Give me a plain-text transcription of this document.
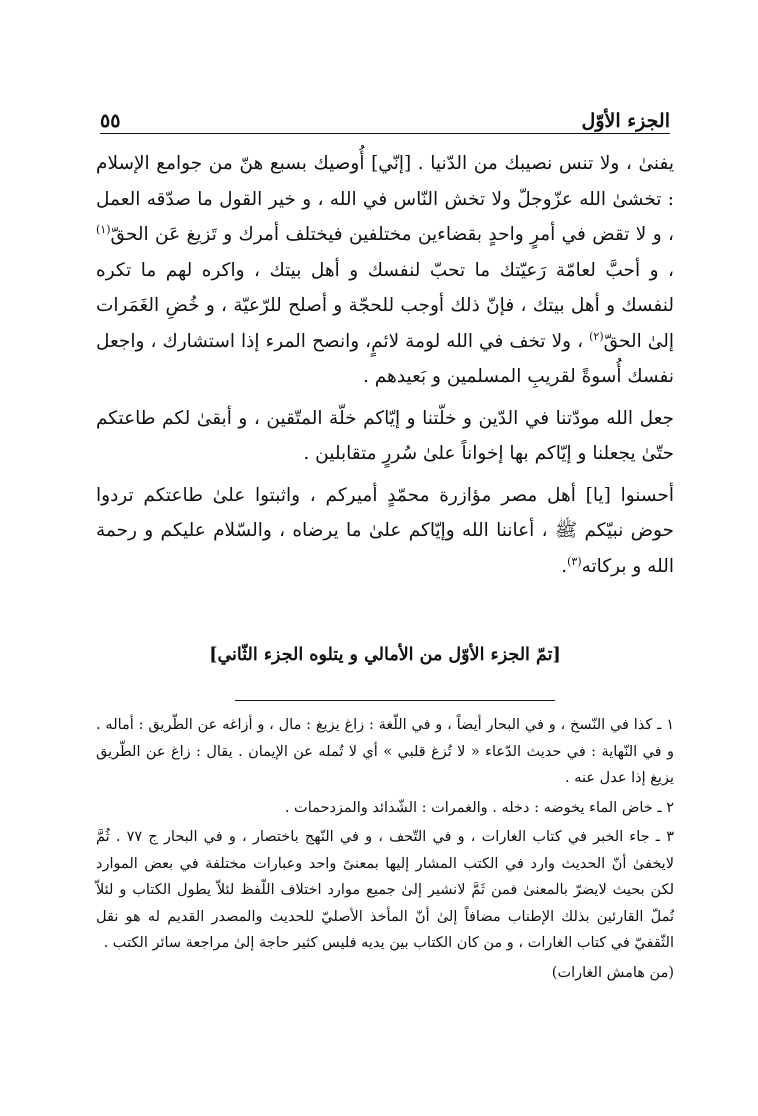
الجزء الأوّل
٥٥

يفنىٰ ، ولا تنس نصيبك من الدّنيا . [إنّي] أُوصيك بسبع هنّ من جوامع الإسلام : تخشىٰ الله عزّوجلّ ولا تخش النّاس في الله ، و خير القول ما صدّقه العمل ، و لا تقض في أمرٍ واحدٍ بقضاءين مختلفين فيختلف أمرك و تَزيغ عَن الحقّ$^{(١)}$ ، و أحبَّ لعامّة رَعيّتك ما تحبّ لنفسك و أهل بيتك ، واكره لهم ما تكره لنفسك و أهل بيتك ، فإنّ ذلك أوجب للحجّة و أصلح للرّعيّة ، و خُضِ الغَمَرات إلىٰ الحقّ$^{(٢)}$ ، ولا تخف في الله لومة لائمٍ، وانصح المرء إذا استشارك ، واجعل نفسك أُسوةً لقريبِ المسلمين و بَعيدهم .

جعل الله مودّتنا في الدّين و خلّتنا و إيّاكم خلّة المتّقين ، و أبقىٰ لكم طاعتكم حتّىٰ يجعلنا و إيّاكم بها إخواناً علىٰ سُررٍ متقابلين .

أحسنوا [يا] أهل مصر مؤازرة محمّدٍ أميركم ، واثبتوا علىٰ طاعتكم تردوا حوض نبيّكم ﷺ ، أعاننا الله وإيّاكم علىٰ ما يرضاه ، والسّلام عليكم و رحمة الله و بركاته$^{(٣)}$.

[تمّ الجزء الأوّل من الأمالي و يتلوه الجزء الثّاني]

١ ـ كذا في النّسخ ، و في البحار أيضاً ، و في اللّغة : زاغ يزيغ : مال ، و أزاغه عن الطّريق : أماله . و في النّهاية : في حديث الدّعاء « لا تُزغ قلبي » أي لا تُمله عن الإيمان . يقال : زاغ عن الطّريق يزيغ إذا عدل عنه .

٢ ـ خاض الماء يخوضه : دخله . والغمرات : الشّدائد والمزدحمات .

٣ ـ جاء الخبر في كتاب الغارات ، و في التّحف ، و في النّهج باختصار ، و في البحار ج ٧٧ . ثُمَّ لايخفىٰ أنّ الحديث وارد في الكتب المشار إليها بمعنىً واحد وعبارات مختلفة في بعض الموارد لكن بحيث لايضرّ بالمعنىٰ فمن ثَمَّ لانشير إلىٰ جميع موارد اختلاف اللّفظ لئلاّ يطول الكتاب و لئلاّ نُملّ القارئين بذلك الإطناب مضافاً إلىٰ أنّ المأخذ الأصليّ للحديث والمصدر القديم له هو نقل الثّقفيّ في كتاب الغارات ، و من كان الكتاب بين يديه فليس كثير حاجة إلىٰ مراجعة سائر الكتب .

(من هامش الغارات)
